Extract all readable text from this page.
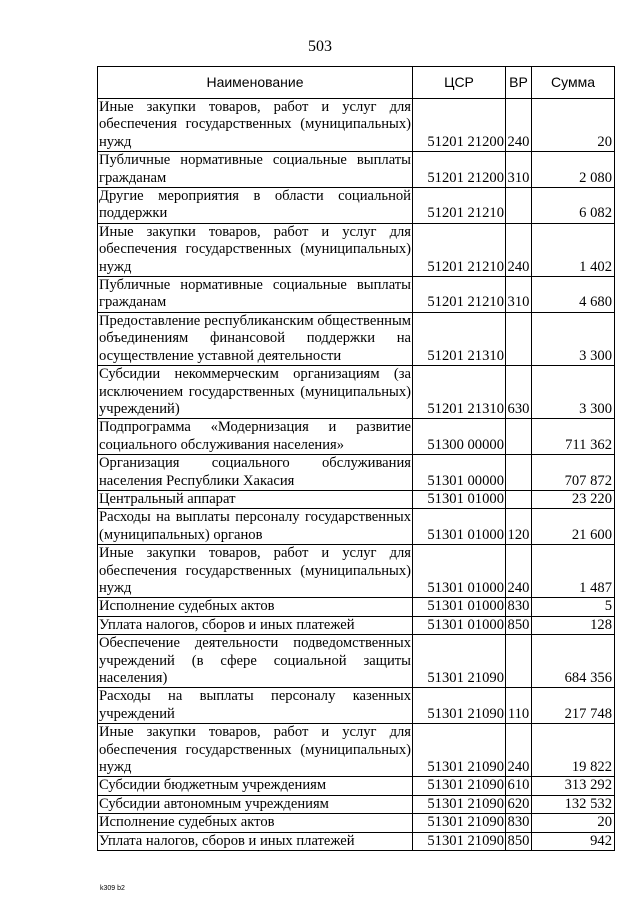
503
Наименование	ЦСР	ВР	Сумма
Иные закупки товаров, работ и услуг для обеспечения государственных (муниципальных) нужд	51201 21200	240	20
Публичные нормативные социальные выплаты гражданам	51201 21200	310	2 080
Другие мероприятия в области социальной поддержки	51201 21210		6 082
Иные закупки товаров, работ и услуг для обеспечения государственных (муниципальных) нужд	51201 21210	240	1 402
Публичные нормативные социальные выплаты гражданам	51201 21210	310	4 680
Предоставление республиканским общественным объединениям финансовой поддержки на осуществление уставной деятельности	51201 21310		3 300
Субсидии некоммерческим организациям (за исключением государственных (муниципальных) учреждений)	51201 21310	630	3 300
Подпрограмма «Модернизация и развитие социального обслуживания населения»	51300 00000		711 362
Организация социального обслуживания населения Республики Хакасия	51301 00000		707 872
Центральный аппарат	51301 01000		23 220
Расходы на выплаты персоналу государственных (муниципальных) органов	51301 01000	120	21 600
Иные закупки товаров, работ и услуг для обеспечения государственных (муниципальных) нужд	51301 01000	240	1 487
Исполнение судебных актов	51301 01000	830	5
Уплата налогов, сборов и иных платежей	51301 01000	850	128
Обеспечение деятельности подведомственных учреждений (в сфере социальной защиты населения)	51301 21090		684 356
Расходы на выплаты персоналу казенных учреждений	51301 21090	110	217 748
Иные закупки товаров, работ и услуг для обеспечения государственных (муниципальных) нужд	51301 21090	240	19 822
Субсидии бюджетным учреждениям	51301 21090	610	313 292
Субсидии автономным учреждениям	51301 21090	620	132 532
Исполнение судебных актов	51301 21090	830	20
Уплата налогов, сборов и иных платежей	51301 21090	850	942
k309 b2
